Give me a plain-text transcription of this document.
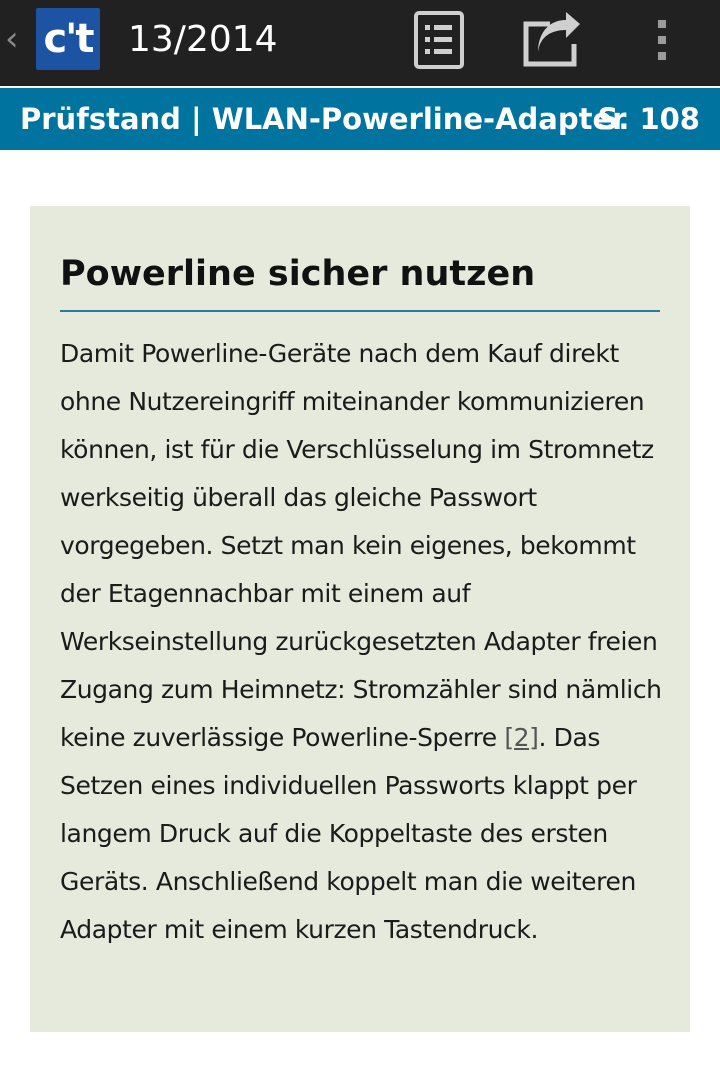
‹ c't 13/2014
Prüfstand | WLAN-Powerline-Adapter
S. 108
Powerline sicher nutzen

Damit Powerline-Geräte nach dem Kauf direkt ohne Nutzereingriff miteinander kommunizieren können, ist für die Verschlüsselung im Stromnetz werkseitig überall das gleiche Passwort vorgegeben. Setzt man kein eigenes, bekommt der Etagennachbar mit einem auf Werkseinstellung zurückgesetzten Adapter freien Zugang zum Heimnetz: Stromzähler sind nämlich keine zuverlässige Powerline-Sperre [2]. Das Setzen eines individuellen Passworts klappt per langem Druck auf die Koppeltaste des ersten Geräts. Anschließend koppelt man die weiteren Adapter mit einem kurzen Tastendruck.
